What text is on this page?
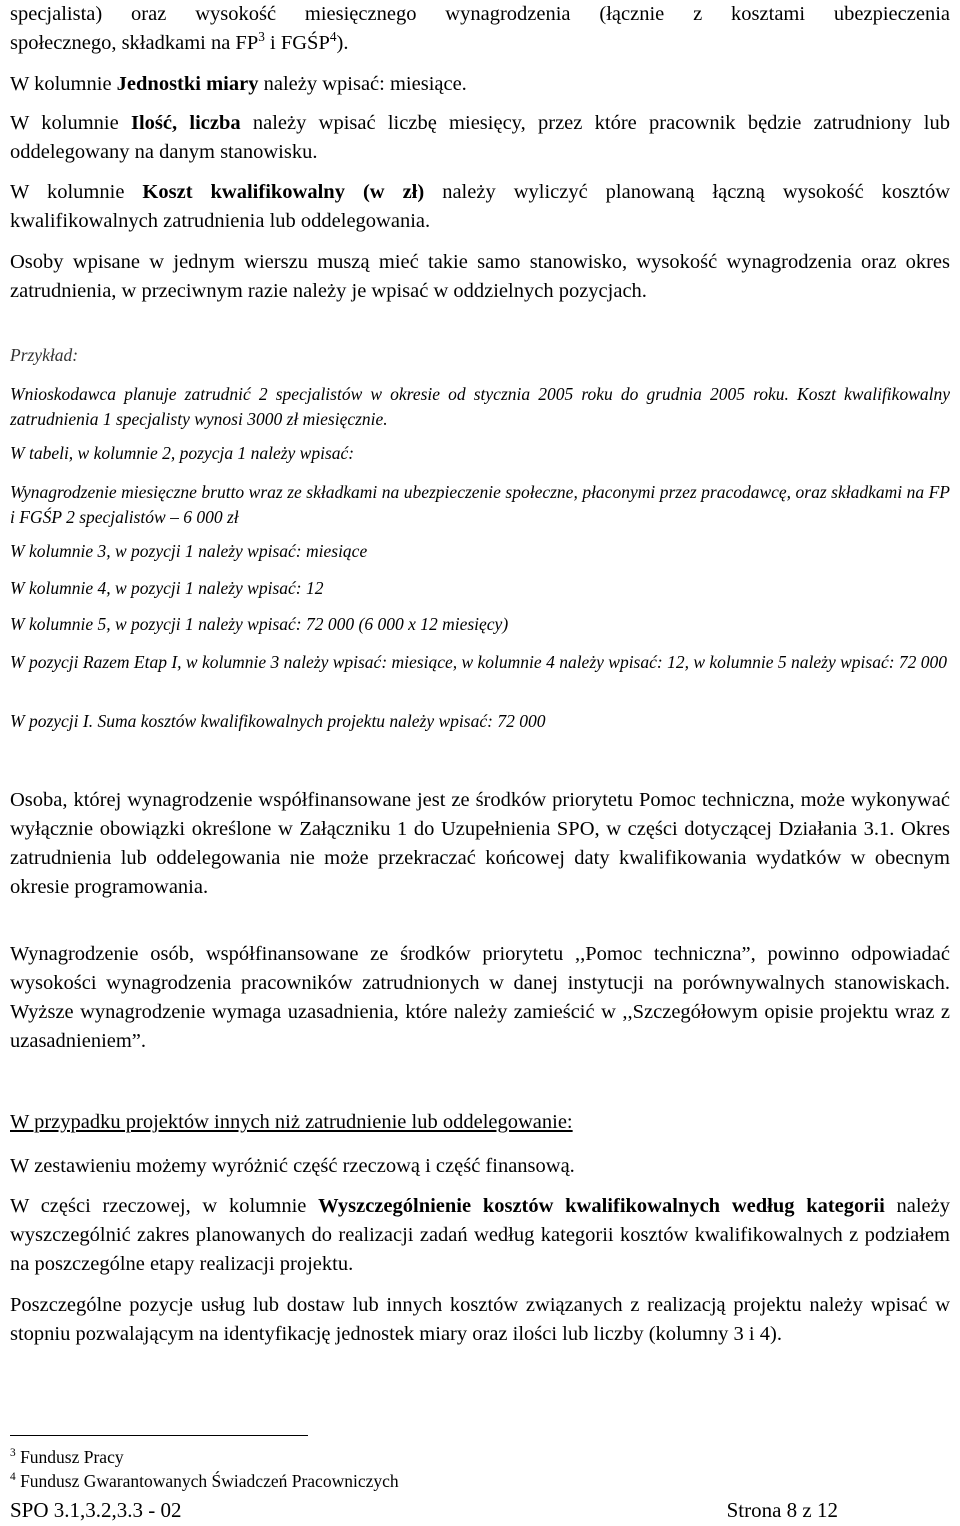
specjalista) oraz wysokość miesięcznego wynagrodzenia (łącznie z kosztami ubezpieczenia
społecznego, składkami na $FP^3$ i FGŚP$^4$).

W kolumnie Jednostki miary należy wpisać: miesiące.

W kolumnie Ilość, liczba należy wpisać liczbę miesięcy, przez które pracownik będzie zatrudniony lub oddelegowany na danym stanowisku.

W kolumnie Koszt kwalifikowalny (w zł) należy wyliczyć planowaną łączną wysokość kosztów kwalifikowalnych zatrudnienia lub oddelegowania.

Osoby wpisane w jednym wierszu muszą mieć takie samo stanowisko, wysokość wynagrodzenia oraz okres zatrudnienia, w przeciwnym razie należy je wpisać w oddzielnych pozycjach.

Przykład:

Wnioskodawca planuje zatrudnić 2 specjalistów w okresie od stycznia 2005 roku do grudnia 2005 roku. Koszt kwalifikowalny zatrudnienia 1 specjalisty wynosi 3000 zł miesięcznie.

W tabeli, w kolumnie 2, pozycja 1 należy wpisać:

Wynagrodzenie miesięczne brutto wraz ze składkami na ubezpieczenie społeczne, płaconymi przez pracodawcę, oraz składkami na FP i FGŚP 2 specjalistów – 6 000 zł

W kolumnie 3, w pozycji 1 należy wpisać: miesiące

W kolumnie 4, w pozycji 1 należy wpisać: 12

W kolumnie 5, w pozycji 1 należy wpisać: 72 000 (6 000 x 12 miesięcy)

W pozycji Razem Etap I, w kolumnie 3 należy wpisać: miesiące, w kolumnie 4 należy wpisać: 12, w kolumnie 5 należy wpisać: 72 000

W pozycji I. Suma kosztów kwalifikowalnych projektu należy wpisać: 72 000

Osoba, której wynagrodzenie współfinansowane jest ze środków priorytetu Pomoc techniczna, może wykonywać wyłącznie obowiązki określone w Załączniku 1 do Uzupełnienia SPO, w części dotyczącej Działania 3.1. Okres zatrudnienia lub oddelegowania nie może przekraczać końcowej daty kwalifikowania wydatków w obecnym okresie programowania.

Wynagrodzenie osób, współfinansowane ze środków priorytetu ,,Pomoc techniczna”, powinno odpowiadać wysokości wynagrodzenia pracowników zatrudnionych w danej instytucji na porównywalnych stanowiskach. Wyższe wynagrodzenie wymaga uzasadnienia, które należy zamieścić w ,,Szczegółowym opisie projektu wraz z uzasadnieniem”.

W przypadku projektów innych niż zatrudnienie lub oddelegowanie:

W zestawieniu możemy wyróżnić część rzeczową i część finansową.

W części rzeczowej, w kolumnie Wyszczególnienie kosztów kwalifikowalnych według kategorii należy wyszczególnić zakres planowanych do realizacji zadań według kategorii kosztów kwalifikowalnych z podziałem na poszczególne etapy realizacji projektu.

Poszczególne pozycje usług lub dostaw lub innych kosztów związanych z realizacją projektu należy wpisać w stopniu pozwalającym na identyfikację jednostek miary oraz ilości lub liczby (kolumny 3 i 4).

$^3$ Fundusz Pracy
$^4$ Fundusz Gwarantowanych Świadczeń Pracowniczych
SPO 3.1,3.2,3.3 - 02	Strona 8 z 12
